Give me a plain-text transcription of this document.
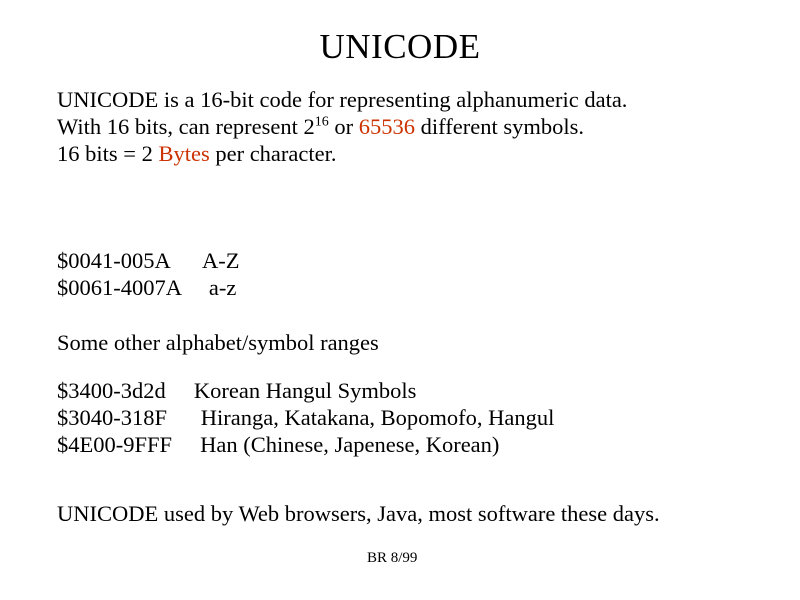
UNICODE
UNICODE is a 16-bit code for representing alphanumeric data.
With 16 bits, can represent $2^{16}$ or 65536 different symbols.
16 bits = 2 Bytes per character.
$0041-005A A-Z
$0061-4007A a-z
Some other alphabet/symbol ranges
$3400-3d2d Korean Hangul Symbols
$3040-318F Hiranga, Katakana, Bopomofo, Hangul
$4E00-9FFF Han (Chinese, Japenese, Korean)
UNICODE used by Web browsers, Java, most software these days.
BR 8/99
